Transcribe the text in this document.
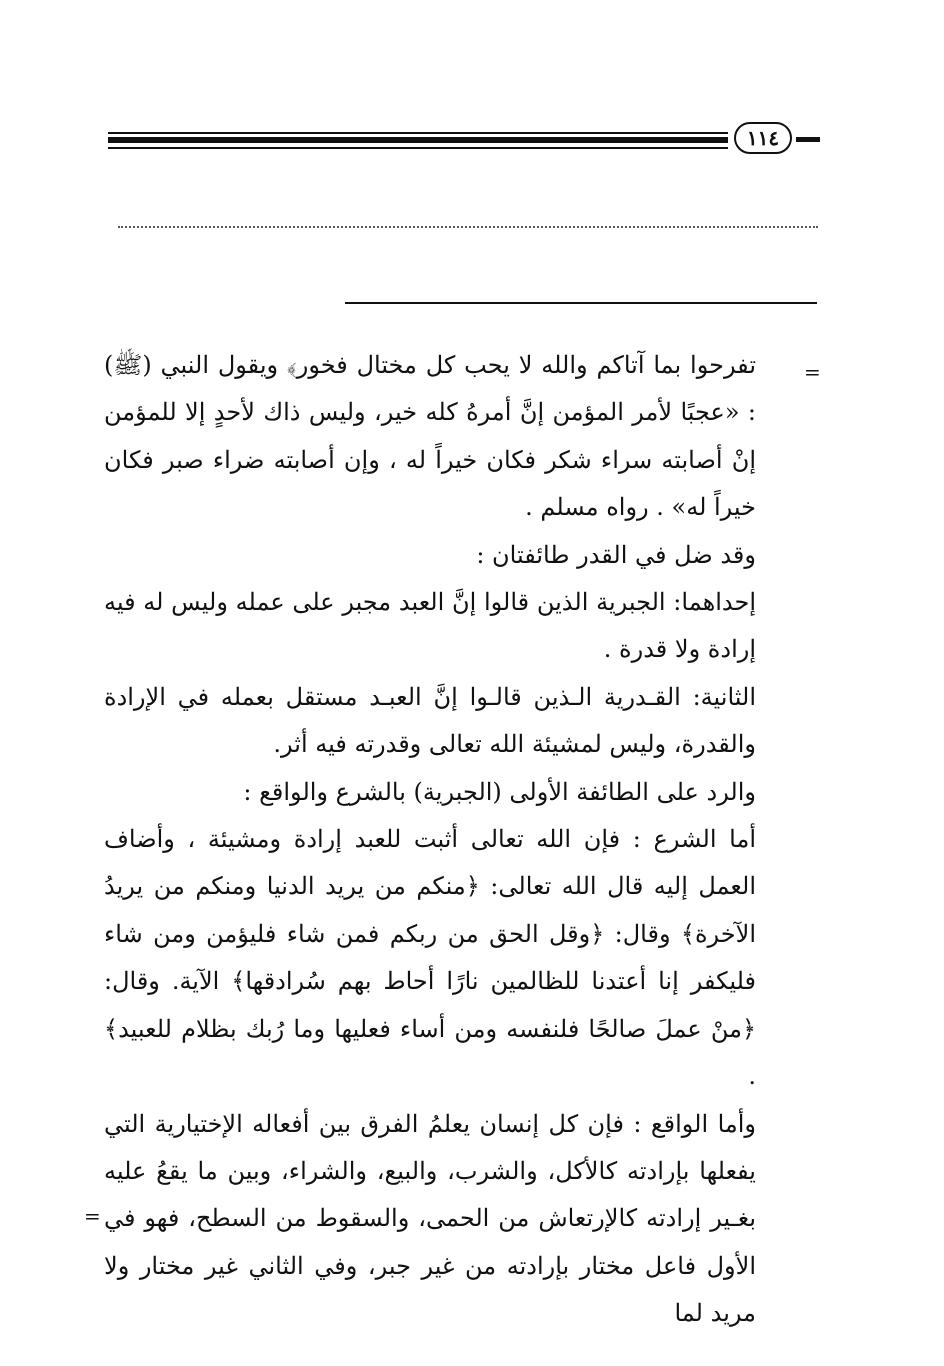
١١٤
=

تفرحوا بما آتاكم والله لا يحب كل مختال فخور﴾ ويقول النبي (ﷺ) : «عجبًا لأمر المؤمن إنَّ أمرهُ كله خير، وليس ذاك لأحدٍ إلا للمؤمن إنْ أصابته سراء شكر فكان خيراً له ، وإن أصابته ضراء صبر فكان خيراً له» . رواه مسلم .

وقد ضل في القدر طائفتان :

إحداهما: الجبرية الذين قالوا إنَّ العبد مجبر على عمله وليس له فيه إرادة ولا قدرة .

الثانية: القـدرية الـذين قالـوا إنَّ العبـد مستقل بعمله في الإرادة والقدرة، وليس لمشيئة الله تعالى وقدرته فيه أثر.

والرد على الطائفة الأولى (الجبرية) بالشرع والواقع :

أما الشرع : فإن الله تعالى أثبت للعبد إرادة ومشيئة ، وأضاف العمل إليه قال الله تعالى: ﴿منكم من يريد الدنيا ومنكم من يريدُ الآخرة﴾ وقال: ﴿وقل الحق من ربكم فمن شاء فليؤمن ومن شاء فليكفر إنا أعتدنا للظالمين نارًا أحاط بهم سُرادقها﴾ الآية. وقال: ﴿منْ عملَ صالحًا فلنفسه ومن أساء فعليها وما رُبك بظلام للعبيد﴾ .

وأما الواقع : فإن كل إنسان يعلمُ الفرق بين أفعاله الإختيارية التي يفعلها بإرادته كالأكل، والشرب، والبيع، والشراء، وبين ما يقعُ عليه بغـير إرادته كالإرتعاش من الحمى، والسقوط من السطح، فهو في الأول فاعل مختار بإرادته من غير جبر، وفي الثاني غير مختار ولا مريد لما

=
